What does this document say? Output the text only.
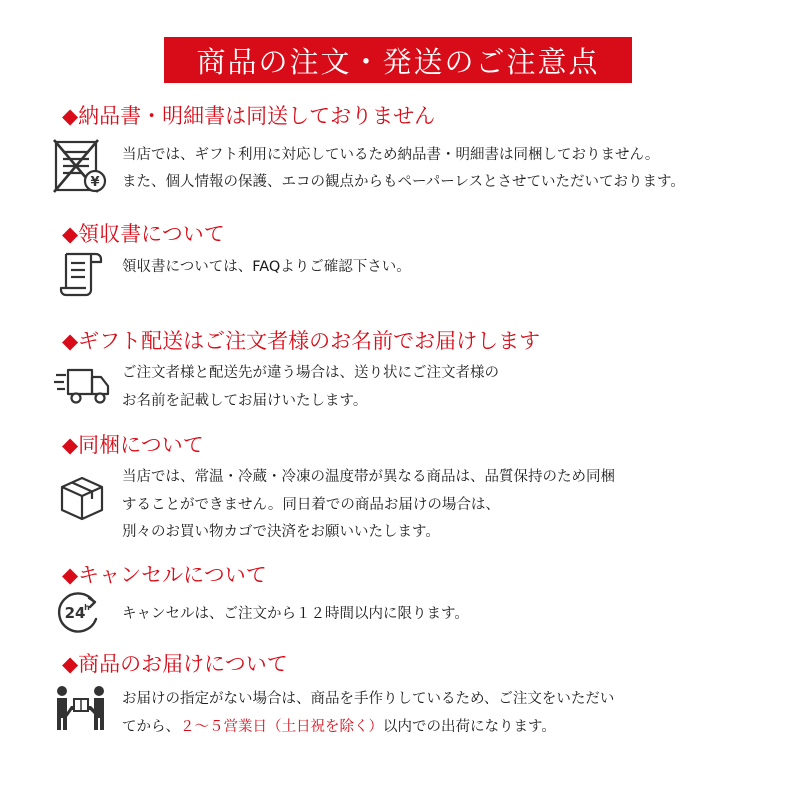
商品の注文・発送のご注意点
◆納品書・明細書は同送しておりません
¥
当店では、ギフト利用に対応しているため納品書・明細書は同梱しておりません。
また、個人情報の保護、エコの観点からもペーパーレスとさせていただいております。
◆領収書について
領収書については、FAQよりご確認下さい。
◆ギフト配送はご注文者様のお名前でお届けします
ご注文者様と配送先が違う場合は、送り状にご注文者様の
お名前を記載してお届けいたします。
◆同梱について
当店では、常温・冷蔵・冷凍の温度帯が異なる商品は、品質保持のため同梱
することができません。同日着での商品お届けの場合は、
別々のお買い物カゴで決済をお願いいたします。
◆キャンセルについて
24
h キャンセルは、ご注文から１２時間以内に限ります。
◆商品のお届けについて
お届けの指定がない場合は、商品を手作りしているため、ご注文をいただい
てから、２～５営業日（土日祝を除く）以内での出荷になります。
